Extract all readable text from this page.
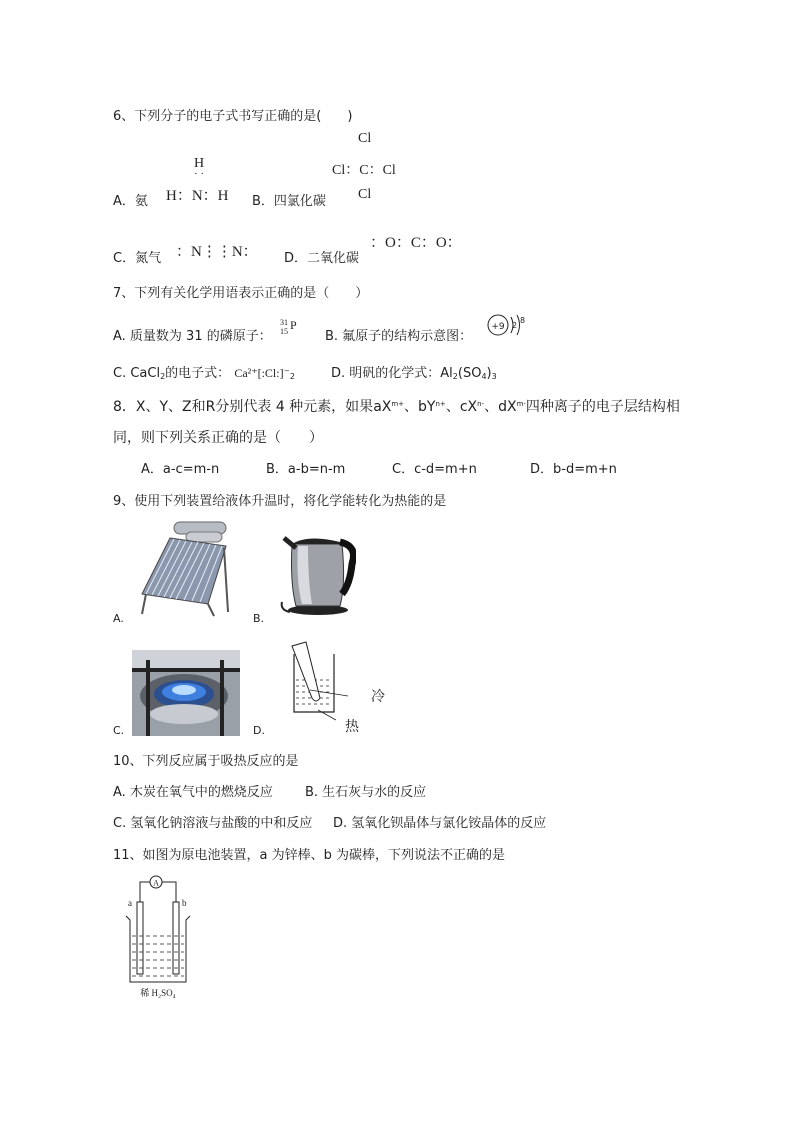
6、下列分子的电子式书写正确的是(　　)
H
· ·
A．氨 H：N：H
Cl
Cl：C：Cl
Cl
B．四氯化碳
C．氮气 ：N⋮⋮N： D．二氧化碳
：O：C：O：
7、下列有关化学用语表示正确的是（　　）
A. 质量数为 31 的磷原子：
31
15 P
B. 氟原子的结构示意图：
+9 2
8
C. CaCl$_2$的电子式： $Ca^{2+}[:Cl:]^-_2$	D. 明矾的化学式：$Al_2(SO_4)_3$
8．X、Y、Z和R分别代表 4 种元素，如果$aX^{m+}$、$bY^{n+}$、$cX^{n-}$、$dX^{m-}$四种离子的电子层结构相
同，则下列关系正确的是（　　）
A．a-c=m-n	B．a-b=n-m	C．c-d=m+n	D．b-d=m+n
9、使用下列装置给液体升温时，将化学能转化为热能的是
A.	B.
C.
冷
热
D.
10、下列反应属于吸热反应的是
A. 木炭在氧气中的燃烧反应 B. 生石灰与水的反应
C. 氢氧化钠溶液与盐酸的中和反应 D. 氢氧化钡晶体与氯化铵晶体的反应
11、如图为原电池装置，a 为锌棒、b 为碳棒，下列说法不正确的是
A
a	b
稀 H₂SO₄
